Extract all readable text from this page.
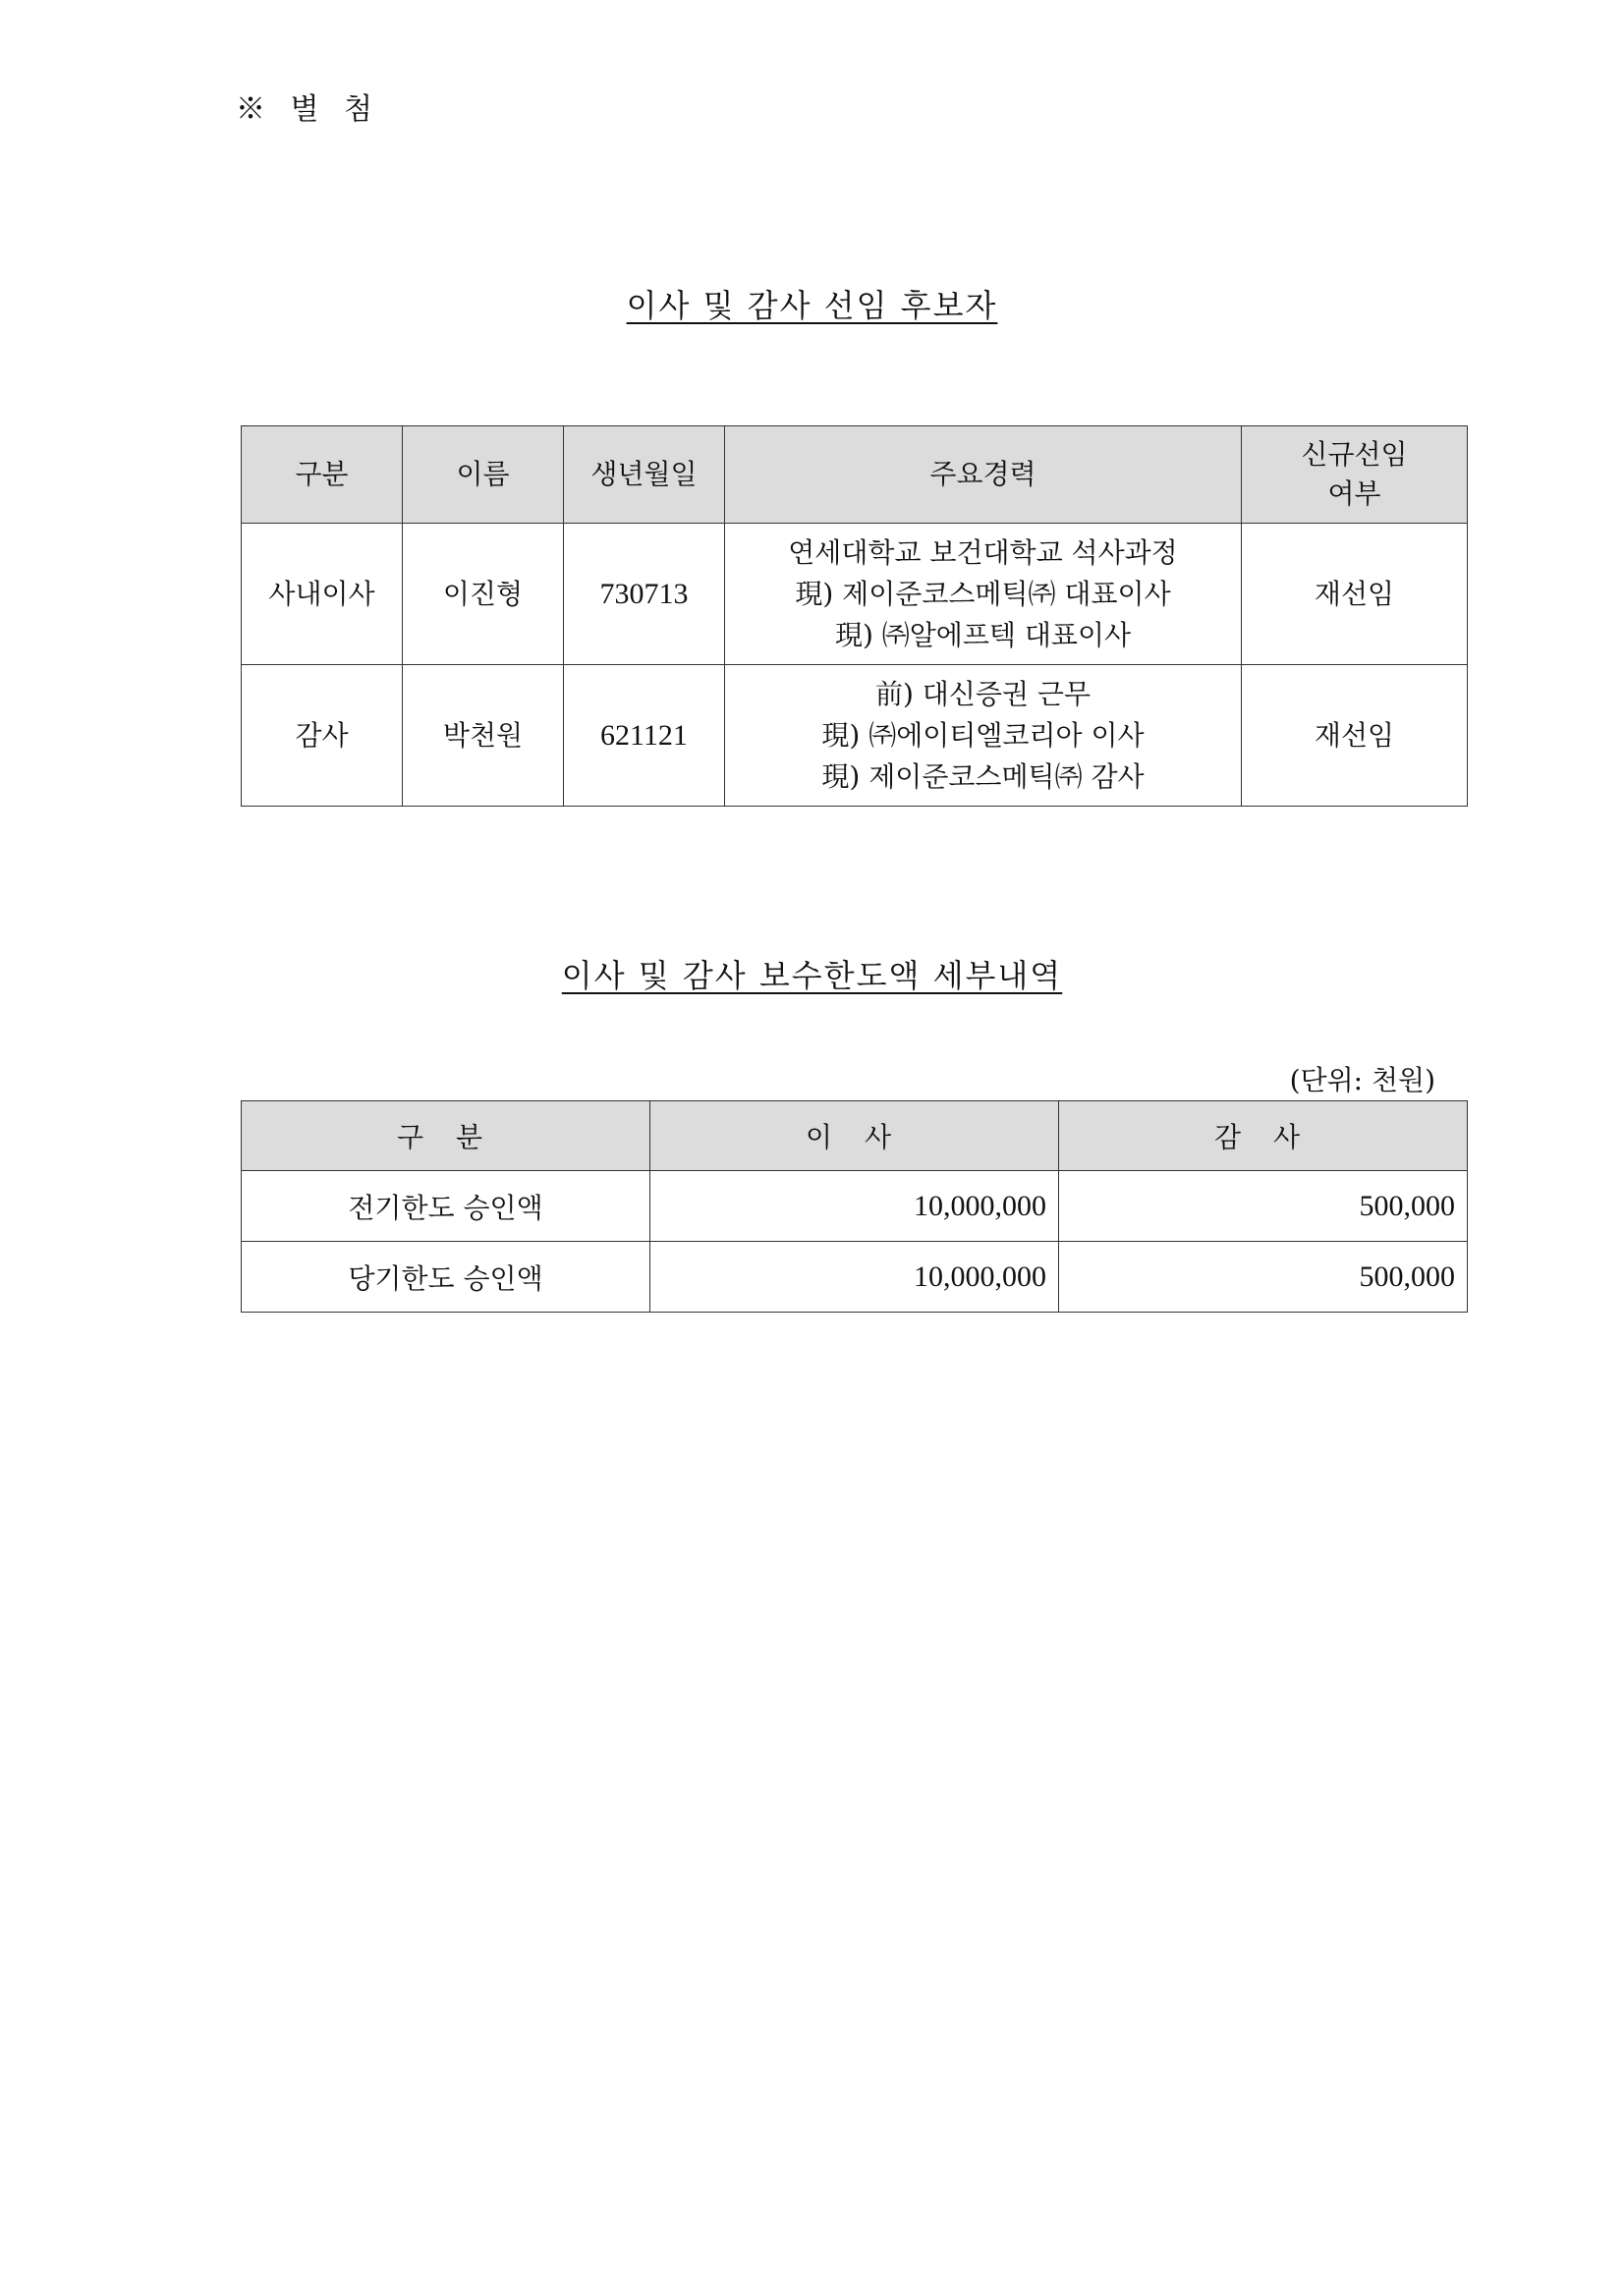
※ 별 첨
이사 및 감사 선임 후보자
구분	이름	생년월일	주요경력	신규선임
여부

사내이사	이진형	730713	연세대학교 보건대학교 석사과정
現) 제이준코스메틱㈜ 대표이사
現) ㈜알에프텍 대표이사	재선임
감사	박천원	621121	前) 대신증권 근무
現) ㈜에이티엘코리아 이사
現) 제이준코스메틱㈜ 감사	재선임
이사 및 감사 보수한도액 세부내역
(단위: 천원)
구 분	이 사	감 사
전기한도 승인액	10,000,000	500,000
당기한도 승인액	10,000,000	500,000
